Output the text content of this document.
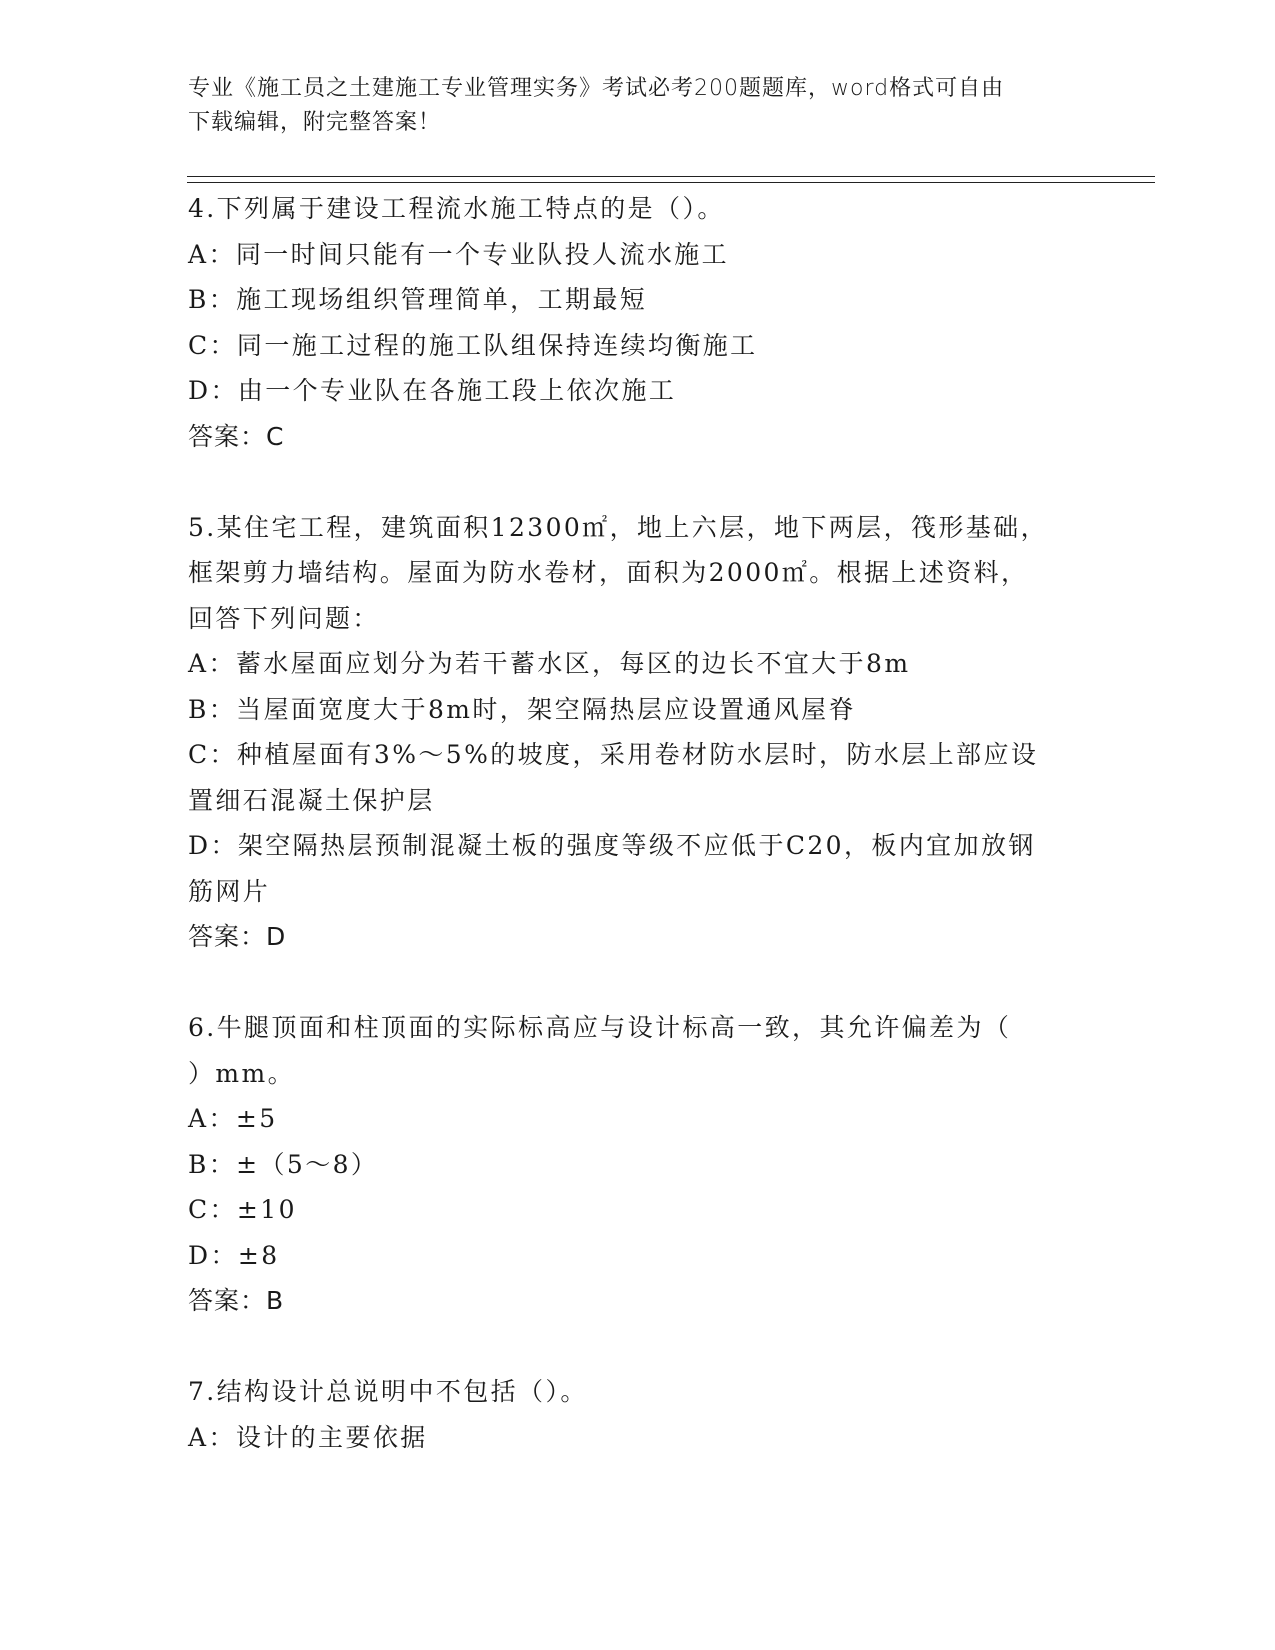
专业《施工员之土建施工专业管理实务》考试必考200题题库，word格式可自由
下载编辑，附完整答案！
4.下列属于建设工程流水施工特点的是（）。
A：同一时间只能有一个专业队投人流水施工
B：施工现场组织管理简单，工期最短
C：同一施工过程的施工队组保持连续均衡施工
D：由一个专业队在各施工段上依次施工
答案：C
5.某住宅工程，建筑面积12300㎡，地上六层，地下两层，筏形基础，
框架剪力墙结构。屋面为防水卷材，面积为2000㎡。根据上述资料，
回答下列问题：
A：蓄水屋面应划分为若干蓄水区，每区的边长不宜大于8m
B：当屋面宽度大于8m时，架空隔热层应设置通风屋脊
C：种植屋面有3%～5%的坡度，采用卷材防水层时，防水层上部应设
置细石混凝土保护层
D：架空隔热层预制混凝土板的强度等级不应低于C20，板内宜加放钢
筋网片
答案：D
6.牛腿顶面和柱顶面的实际标高应与设计标高一致，其允许偏差为（
）mm。
A：±5
B：±（5～8）
C：±10
D：±8
答案：B
7.结构设计总说明中不包括（）。
A：设计的主要依据
